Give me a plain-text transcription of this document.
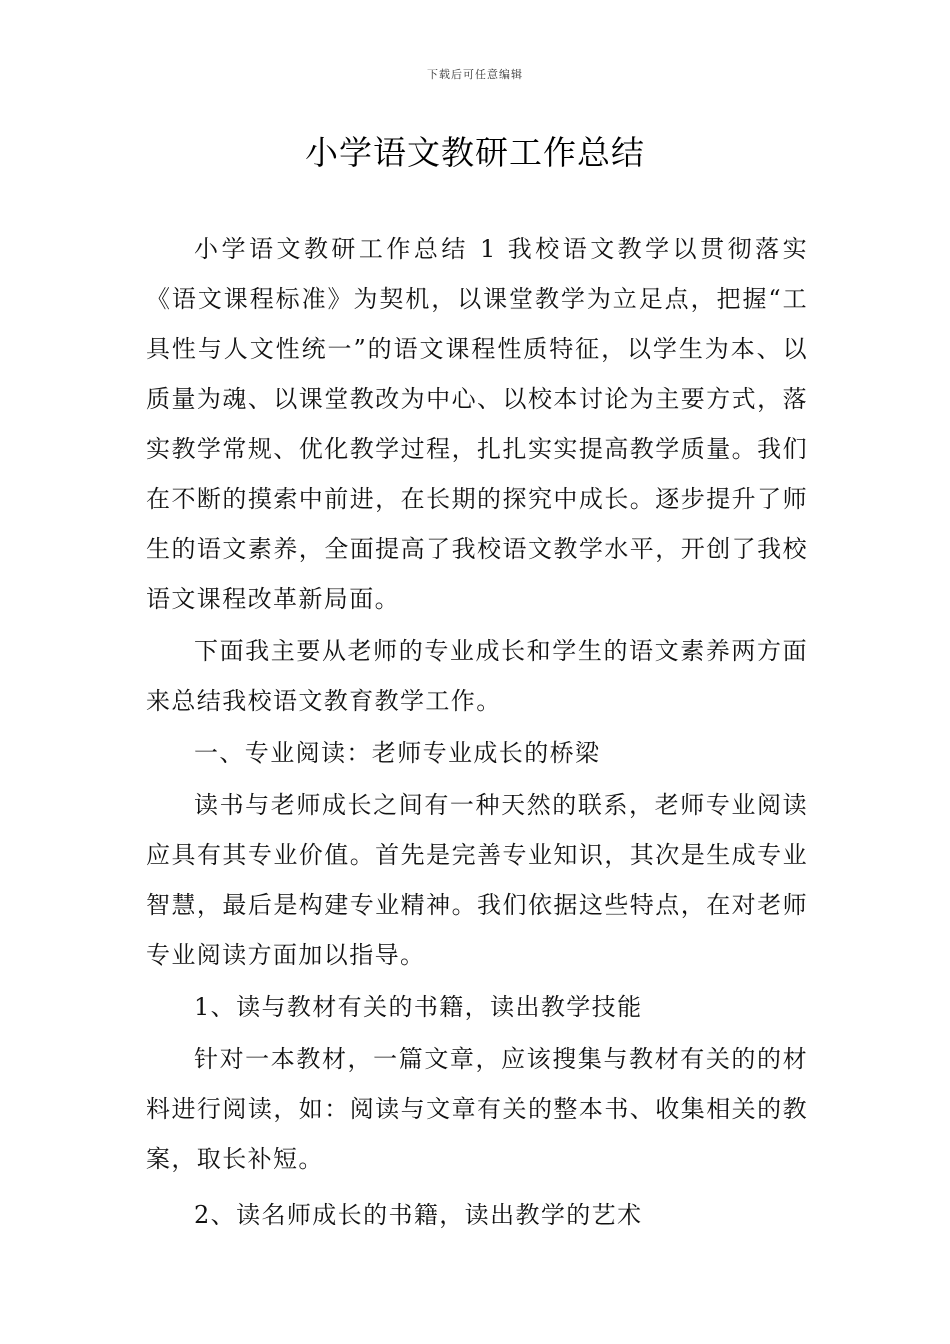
下载后可任意编辑
小学语文教研工作总结

小学语文教研工作总结 1 我校语文教学以贯彻落实《语文课程标准》为契机，以课堂教学为立足点，把握“工具性与人文性统一”的语文课程性质特征，以学生为本、以质量为魂、以课堂教改为中心、以校本讨论为主要方式，落实教学常规、优化教学过程，扎扎实实提高教学质量。我们在不断的摸索中前进，在长期的探究中成长。逐步提升了师生的语文素养，全面提高了我校语文教学水平，开创了我校语文课程改革新局面。

下面我主要从老师的专业成长和学生的语文素养两方面来总结我校语文教育教学工作。

一、专业阅读：老师专业成长的桥梁

读书与老师成长之间有一种天然的联系，老师专业阅读应具有其专业价值。首先是完善专业知识，其次是生成专业智慧，最后是构建专业精神。我们依据这些特点，在对老师专业阅读方面加以指导。

1、读与教材有关的书籍，读出教学技能

针对一本教材，一篇文章，应该搜集与教材有关的的材料进行阅读，如：阅读与文章有关的整本书、收集相关的教案，取长补短。

2、读名师成长的书籍，读出教学的艺术
